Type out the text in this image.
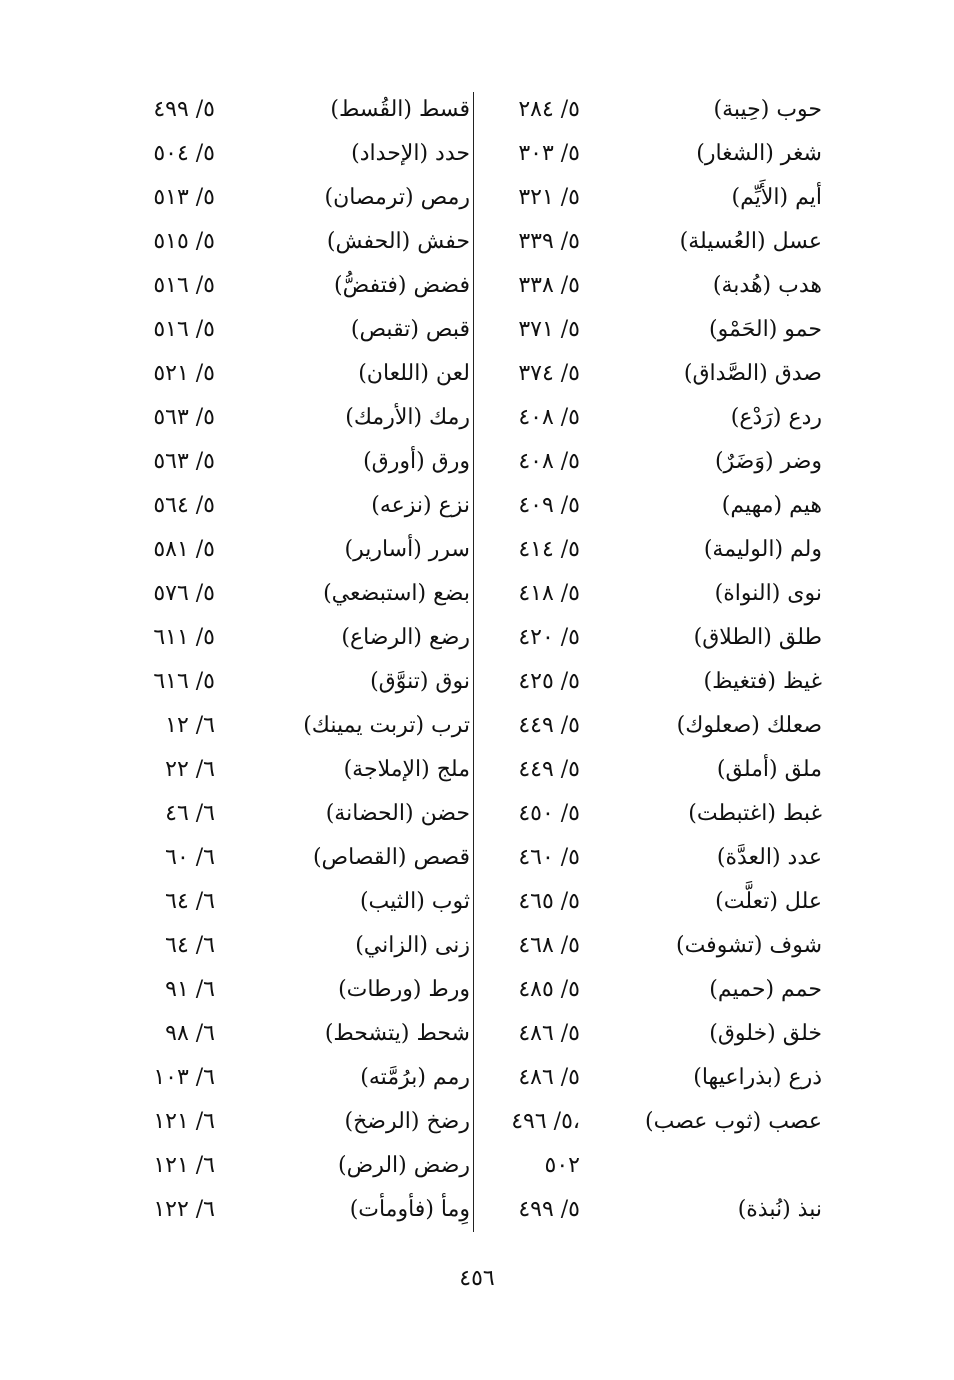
حوب (حِيبة)
٥/ ٢٨٤
قسط (القُسط)
٥/ ٤٩٩
شغر (الشغار)
٥/ ٣٠٣
حدد (الإحداد)
٥/ ٥٠٤
أيم (الأَيِّم)
٥/ ٣٢١
رمص (ترمصان)
٥/ ٥١٣
عسل (العُسيلة)
٥/ ٣٣٩
حفش (الحفش)
٥/ ٥١٥
هدب (هُدبة)
٥/ ٣٣٨
فضض (فتفضُّ)
٥/ ٥١٦
حمو (الحَمْو)
٥/ ٣٧١
قبص (تقبص)
٥/ ٥١٦
صدق (الصَّداق)
٥/ ٣٧٤
لعن (اللعان)
٥/ ٥٢١
ردع (رَدْع)
٥/ ٤٠٨
رمك (الأرمك)
٥/ ٥٦٣
وضر (وَضَرٌ)
٥/ ٤٠٨
ورق (أورق)
٥/ ٥٦٣
هيم (مهيم)
٥/ ٤٠٩
نزع (نزعه)
٥/ ٥٦٤
ولم (الوليمة)
٥/ ٤١٤
سرر (أسارير)
٥/ ٥٨١
نوى (النواة)
٥/ ٤١٨
بضع (استبضعي)
٥/ ٥٧٦
طلق (الطلاق)
٥/ ٤٢٠
رضع (الرضاع)
٥/ ٦١١
غيظ (فتغيظ)
٥/ ٤٢٥
نوق (تنوَّق)
٥/ ٦١٦
صعلك (صعلوك)
٥/ ٤٤٩
ترب (تربت يمينك)
٦/ ١٢
ملق (أملق)
٥/ ٤٤٩
ملج (الإملاجة)
٦/ ٢٢
غبط (اغتبطت)
٥/ ٤٥٠
حضن (الحضانة)
٦/ ٤٦
عدد (العدَّة)
٥/ ٤٦٠
قصص (القصاص)
٦/ ٦٠
علل (تعلَّت)
٥/ ٤٦٥
ثوب (الثيب)
٦/ ٦٤
شوف (تشوفت)
٥/ ٤٦٨
زنى (الزاني)
٦/ ٦٤
حمم (حميم)
٥/ ٤٨٥
ورط (ورطات)
٦/ ٩١
خلق (خلوق)
٥/ ٤٨٦
شحط (يتشحط)
٦/ ٩٨
ذرع (بذراعيها)
٥/ ٤٨٦
رمم (برُمَّته)
٦/ ١٠٣
عصب (ثوب عصب)
٥/ ٤٩٦،
رضخ (الرضخ)
٦/ ١٢١
٥٠٢
رضض (الرض)
٦/ ١٢١
نبذ (نُبذة)
٥/ ٤٩٩
وِمأ (فأومأت)
٦/ ١٢٢
٤٥٦
